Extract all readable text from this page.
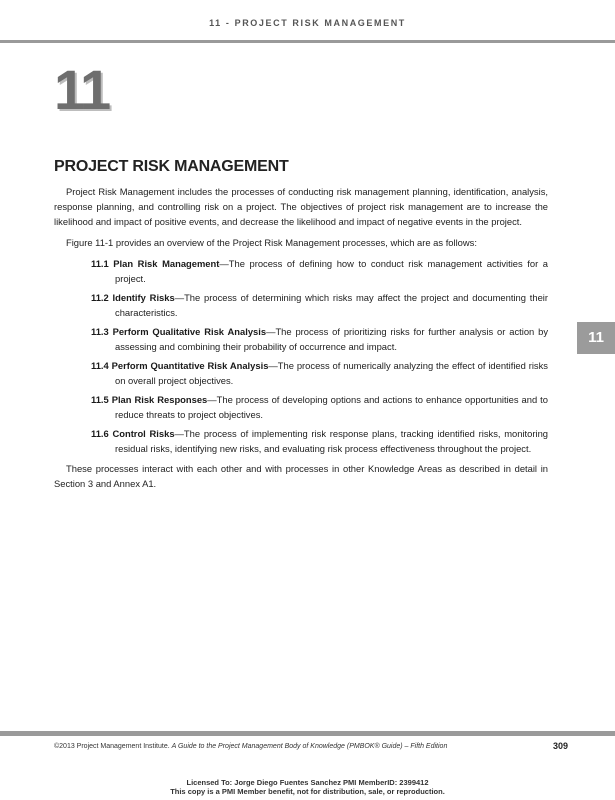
11 - PROJECT RISK MANAGEMENT
11
PROJECT RISK MANAGEMENT

Project Risk Management includes the processes of conducting risk management planning, identification, analysis, response planning, and controlling risk on a project. The objectives of project risk management are to increase the likelihood and impact of positive events, and decrease the likelihood and impact of negative events in the project.

Figure 11-1 provides an overview of the Project Risk Management processes, which are as follows:

11.1 Plan Risk Management—The process of defining how to conduct risk management activities for a project.
11.2 Identify Risks—The process of determining which risks may affect the project and documenting their characteristics.
11.3 Perform Qualitative Risk Analysis—The process of prioritizing risks for further analysis or action by assessing and combining their probability of occurrence and impact.
11.4 Perform Quantitative Risk Analysis—The process of numerically analyzing the effect of identified risks on overall project objectives.
11.5 Plan Risk Responses—The process of developing options and actions to enhance opportunities and to reduce threats to project objectives.
11.6 Control Risks—The process of implementing risk response plans, tracking identified risks, monitoring residual risks, identifying new risks, and evaluating risk process effectiveness throughout the project.

These processes interact with each other and with processes in other Knowledge Areas as described in detail in Section 3 and Annex A1.

11
©2013 Project Management Institute. A Guide to the Project Management Body of Knowledge (PMBOK® Guide) – Fifth Edition	309
Licensed To: Jorge Diego Fuentes Sanchez PMI MemberID: 2399412
This copy is a PMI Member benefit, not for distribution, sale, or reproduction.
